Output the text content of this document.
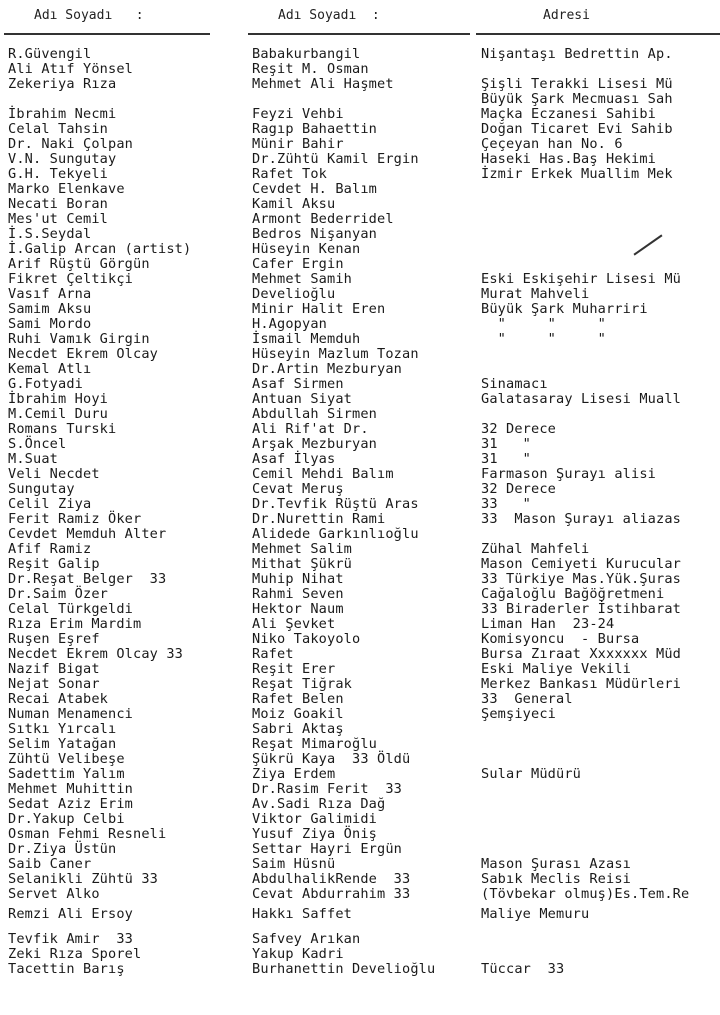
Adı Soyadı   :	Adı Soyadı  :	Adresi
R.Güvengil
Ali Atıf Yönsel
Zekeriya Rıza
İbrahim Necmi
Celal Tahsin
Dr. Naki Çolpan
V.N. Sungutay
G.H. Tekyeli
Marko Elenkave
Necati Boran
Mes'ut Cemil
İ.S.Seydal
İ.Galip Arcan (artist)
Arif Rüştü Görgün
Fikret Çeltikçi
Vasıf Arna
Samim Aksu
Sami Mordo
Ruhi Vamık Girgin
Necdet Ekrem Olcay
Kemal Atlı
G.Fotyadi
İbrahim Hoyi
M.Cemil Duru
Romans Turski
S.Öncel
M.Suat
Veli Necdet
Sungutay
Celil Ziya
Ferit Ramiz Öker
Cevdet Memduh Alter
Afif Ramiz
Reşit Galip
Dr.Reşat Belger  33
Dr.Saim Özer
Celal Türkgeldi
Rıza Erim Mardim
Ruşen Eşref
Necdet Ekrem Olcay 33
Nazif Bigat
Nejat Sonar
Recai Atabek
Numan Menamenci
Sıtkı Yırcalı
Selim Yatağan
Zühtü Velibeşe
Sadettim Yalım
Mehmet Muhittin
Sedat Aziz Erim
Dr.Yakup Celbi
Osman Fehmi Resneli
Dr.Ziya Üstün
Saib Caner
Selanikli Zühtü 33
Servet Alko
Remzi Ali Ersoy
Tevfik Amir  33
Zeki Rıza Sporel
Tacettin Barış
Babakurbangil
Reşit M. Osman
Mehmet Ali Haşmet
Feyzi Vehbi
Ragıp Bahaettin
Münir Bahir
Dr.Zühtü Kamil Ergin
Rafet Tok
Cevdet H. Balım
Kamil Aksu
Armont Bederridel
Bedros Nişanyan
Hüseyin Kenan
Cafer Ergin
Mehmet Samih
Develioğlu
Minir Halit Eren
H.Agopyan
İsmail Memduh
Hüseyin Mazlum Tozan
Dr.Artin Mezburyan
Asaf Sirmen
Antuan Siyat
Abdullah Sirmen
Ali Rif'at Dr.
Arşak Mezburyan
Asaf İlyas
Cemil Mehdi Balım
Cevat Meruş
Dr.Tevfik Rüştü Aras
Dr.Nurettin Rami
Alidede Garkınlıoğlu
Mehmet Salim
Mithat Şükrü
Muhip Nihat
Rahmi Seven
Hektor Naum
Ali Şevket
Niko Takoyolo
Rafet
Reşit Erer
Reşat Tiğrak
Rafet Belen
Moiz Goakil
Sabri Aktaş
Reşat Mimaroğlu
Şükrü Kaya  33 Öldü
Ziya Erdem
Dr.Rasim Ferit  33
Av.Sadi Rıza Dağ
Viktor Galimidi
Yusuf Ziya Öniş
Settar Hayri Ergün
Saim Hüsnü
AbdulhalikRende  33
Cevat Abdurrahim 33
Hakkı Saffet
Safvey Arıkan
Yakup Kadri
Burhanettin Develioğlu
Nişantaşı Bedrettin Ap.
Şişli Terakki Lisesi Mü
Büyük Şark Mecmuası Sah
Maçka Eczanesi Sahibi
Doğan Ticaret Evi Sahib
Çeçeyan han No. 6
Haseki Has.Baş Hekimi
İzmir Erkek Muallim Mek
Eski Eskişehir Lisesi Mü
Murat Mahveli
Büyük Şark Muharriri
"     "     "
"     "     "
Sinamacı
Galatasaray Lisesi Muall
32 Derece
31   "
31   "
Farmason Şurayı alisi
32 Derece
33   "
33  Mason Şurayı aliazas
Zühal Mahfeli
Mason Cemiyeti Kurucular
33 Türkiye Mas.Yük.Şuras
Cağaloğlu Bağöğretmeni
33 Biraderler İstihbarat
Liman Han  23-24
Komisyoncu  - Bursa
Bursa Zıraat Xxxxxxx Müd
Eski Maliye Vekili
Merkez Bankası Müdürleri
33  General
Şemşiyeci
Sular Müdürü
Mason Şurası Azası
Sabık Meclis Reisi
(Tövbekar olmuş)Es.Tem.Re
Maliye Memuru
Tüccar  33
